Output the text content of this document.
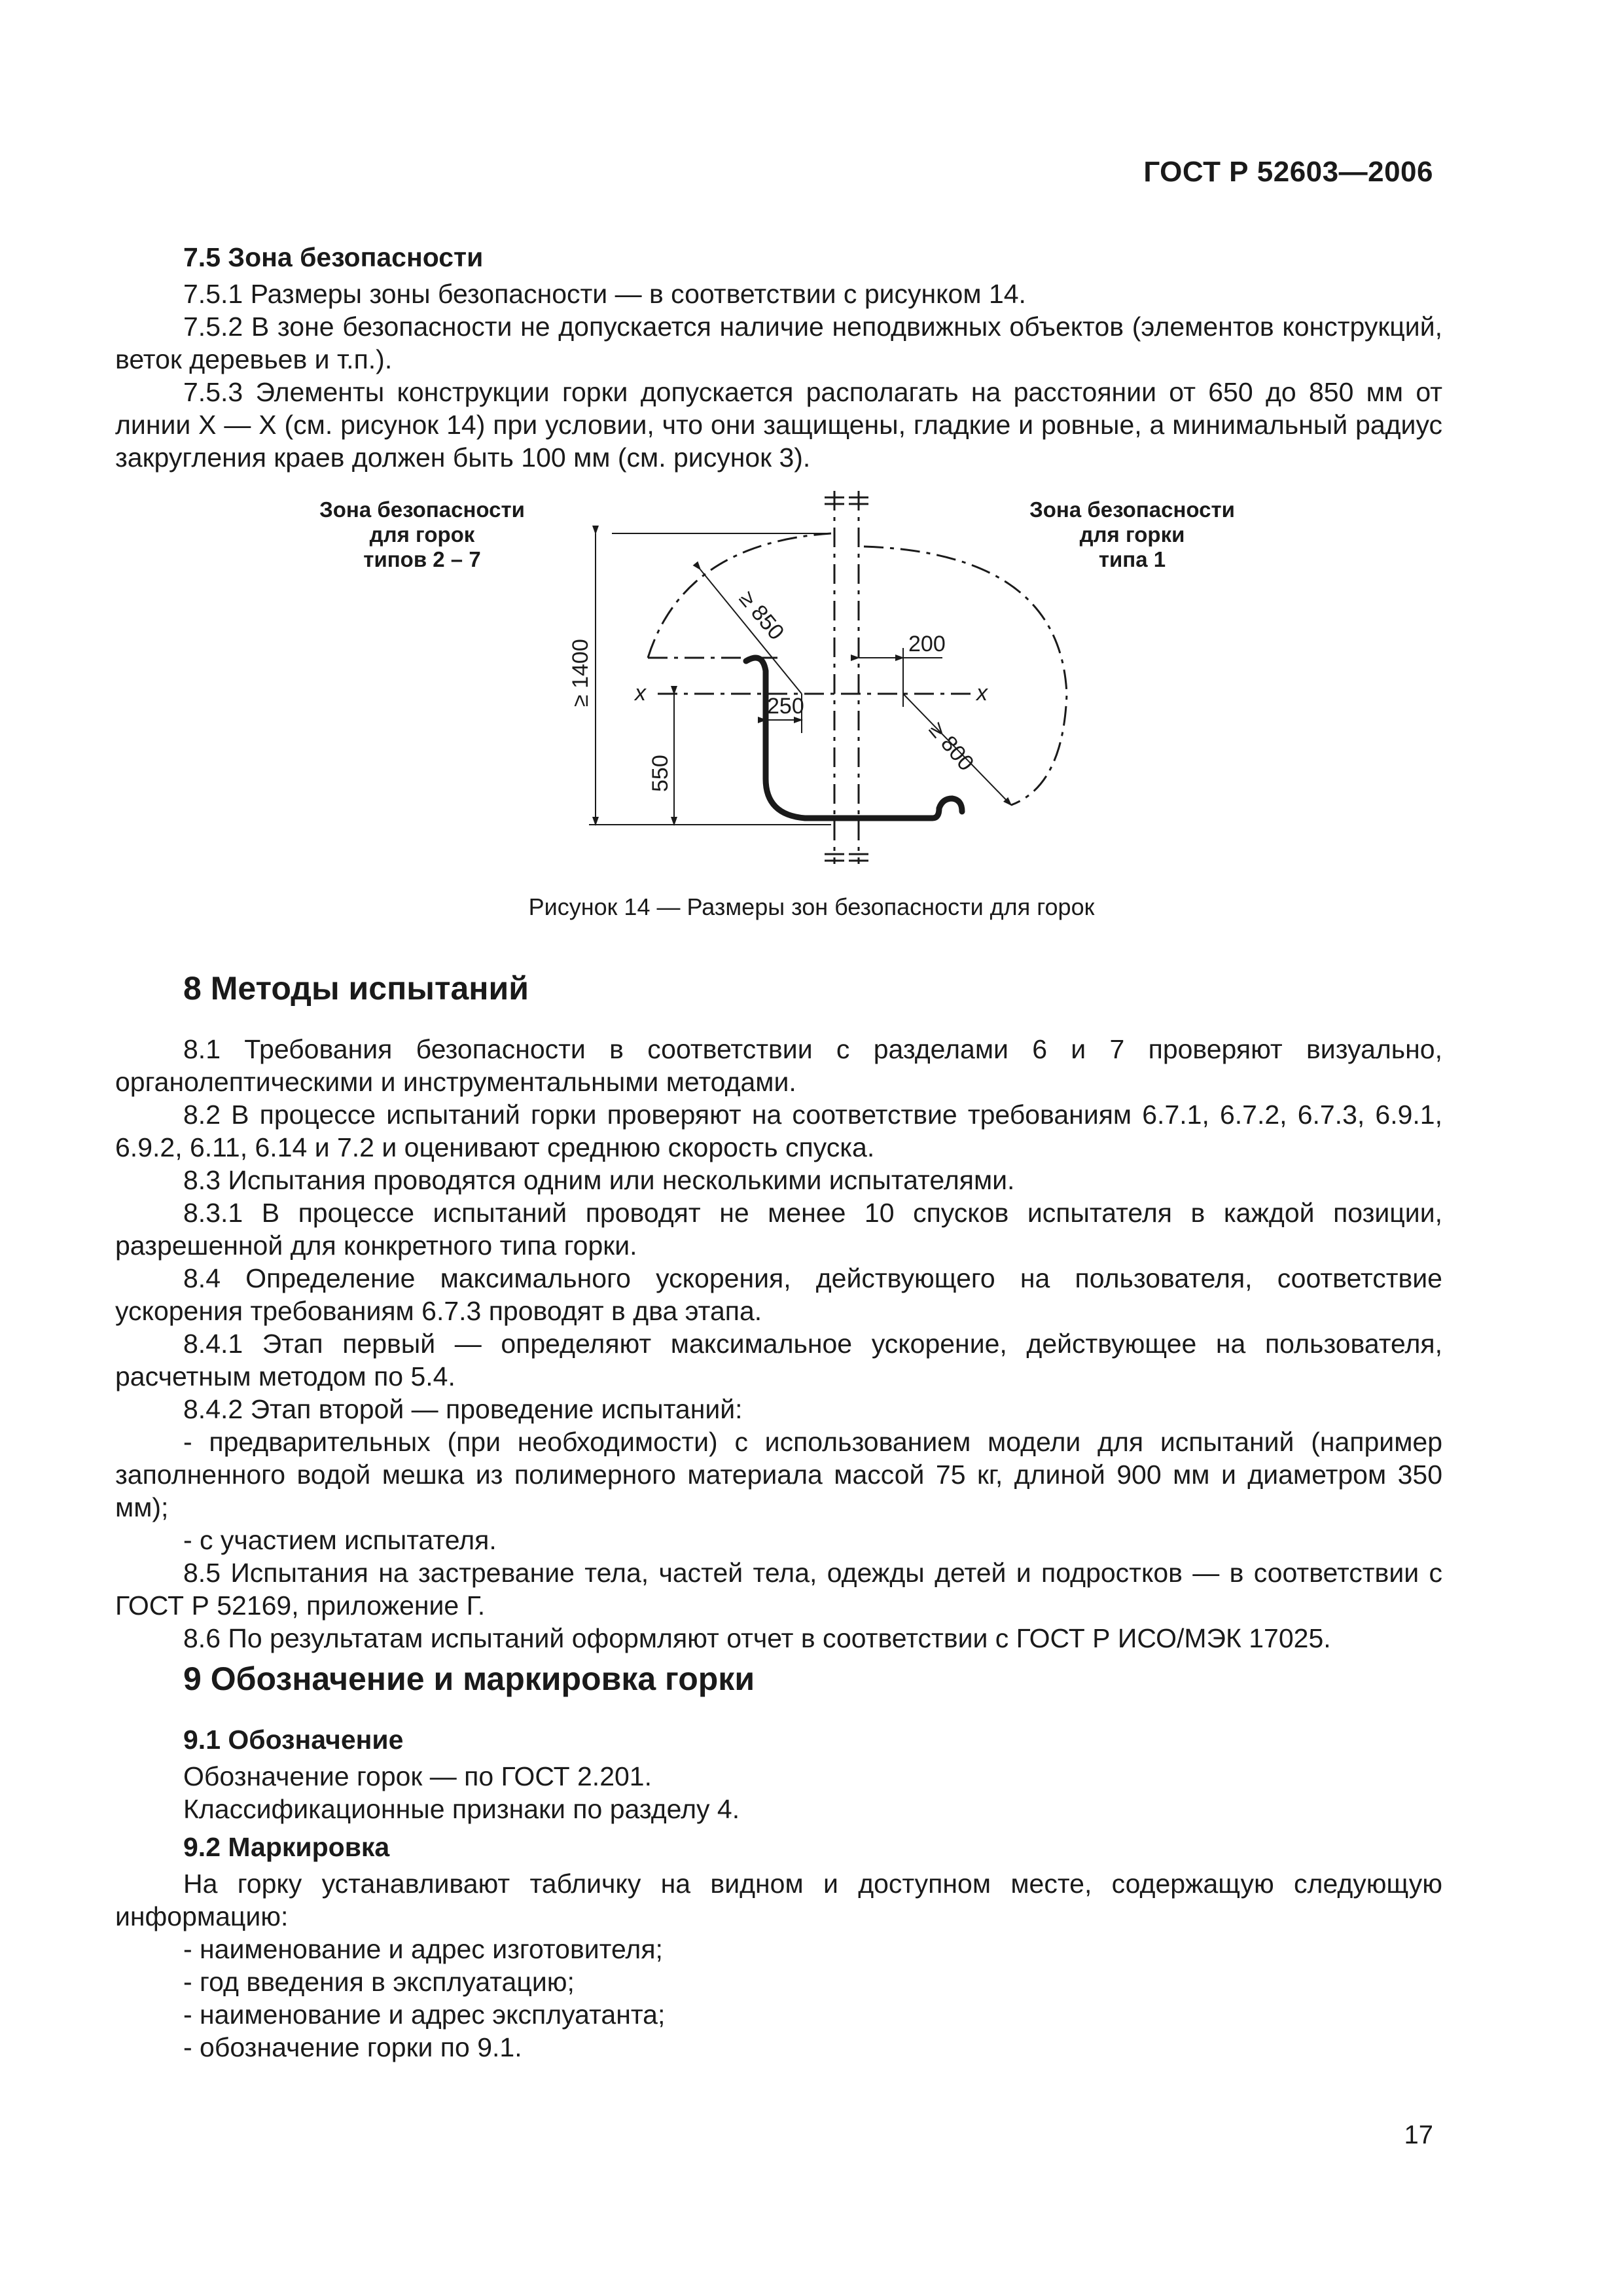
ГОСТ Р 52603—2006
7.5 Зона безопасности

7.5.1 Размеры зоны безопасности — в соответствии с рисунком 14.

7.5.2 В зоне безопасности не допускается наличие неподвижных объектов (элементов конструкций, веток деревьев и т.п.).

7.5.3 Элементы конструкции горки допускается располагать на расстоянии от 650 до 850 мм от линии X — X (см. рисунок 14) при условии, что они защищены, гладкие и ровные, а минимальный радиус закругления краев должен быть 100 мм (см. рисунок 3).

Зона безопасности
для горок
типов 2 – 7
Зона безопасности
для горки
типа 1
≥ 1400
550
≥ 850
≥ 800
250
200
x	x
Рисунок 14 — Размеры зон безопасности для горок
8 Методы испытаний

8.1 Требования безопасности в соответствии с разделами 6 и 7 проверяют визуально, органолептическими и инструментальными методами.

8.2 В процессе испытаний горки проверяют на соответствие требованиям 6.7.1, 6.7.2, 6.7.3, 6.9.1, 6.9.2, 6.11, 6.14 и 7.2 и оценивают среднюю скорость спуска.

8.3 Испытания проводятся одним или несколькими испытателями.

8.3.1 В процессе испытаний проводят не менее 10 спусков испытателя в каждой позиции, разрешенной для конкретного типа горки.

8.4 Определение максимального ускорения, действующего на пользователя, соответствие ускорения требованиям 6.7.3 проводят в два этапа.

8.4.1 Этап первый — определяют максимальное ускорение, действующее на пользователя, расчетным методом по 5.4.

8.4.2 Этап второй — проведение испытаний:

- предварительных (при необходимости) с использованием модели для испытаний (например заполненного водой мешка из полимерного материала массой 75 кг, длиной 900 мм и диаметром 350 мм);

- с участием испытателя.

8.5 Испытания на застревание тела, частей тела, одежды детей и подростков — в соответствии с ГОСТ Р 52169, приложение Г.

8.6 По результатам испытаний оформляют отчет в соответствии с ГОСТ Р ИСО/МЭК 17025.

9 Обозначение и маркировка горки
9.1 Обозначение

Обозначение горок — по ГОСТ 2.201.

Классификационные признаки по разделу 4.

9.2 Маркировка

На горку устанавливают табличку на видном и доступном месте, содержащую следующую информацию:

- наименование и адрес изготовителя;

- год введения в эксплуатацию;

- наименование и адрес эксплуатанта;

- обозначение горки по 9.1.

17
